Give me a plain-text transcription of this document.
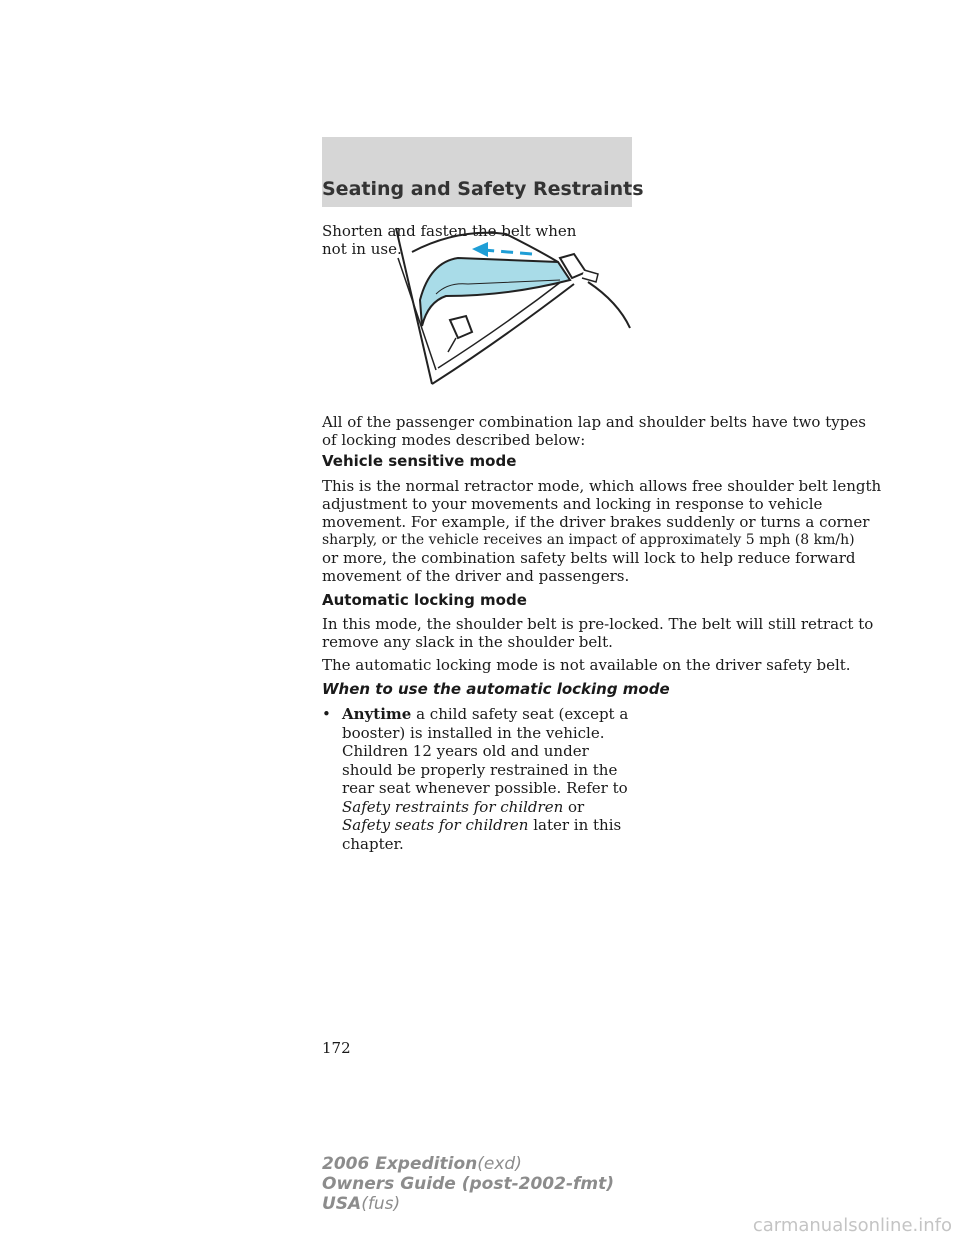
Seating and Safety Restraints
Shorten and fasten the belt when
not in use.
All of the passenger combination lap and shoulder belts have two types
of locking modes described below:
Vehicle sensitive mode
This is the normal retractor mode, which allows free shoulder belt length
adjustment to your movements and locking in response to vehicle
movement. For example, if the driver brakes suddenly or turns a corner
sharply, or the vehicle receives an impact of approximately 5 mph (8 km/h)
or more, the combination safety belts will lock to help reduce forward
movement of the driver and passengers.
Automatic locking mode
In this mode, the shoulder belt is pre-locked. The belt will still retract to
remove any slack in the shoulder belt.
The automatic locking mode is not available on the driver safety belt.
When to use the automatic locking mode
• Anytime a child safety seat (except a booster) is installed in the vehicle. Children 12 years old and under should be properly restrained in the rear seat whenever possible. Refer to Safety restraints for children or Safety seats for children later in this chapter.
172
2006 Expedition(exd)
Owners Guide (post-2002-fmt)
USA(fus)
carmanualsonline.info
